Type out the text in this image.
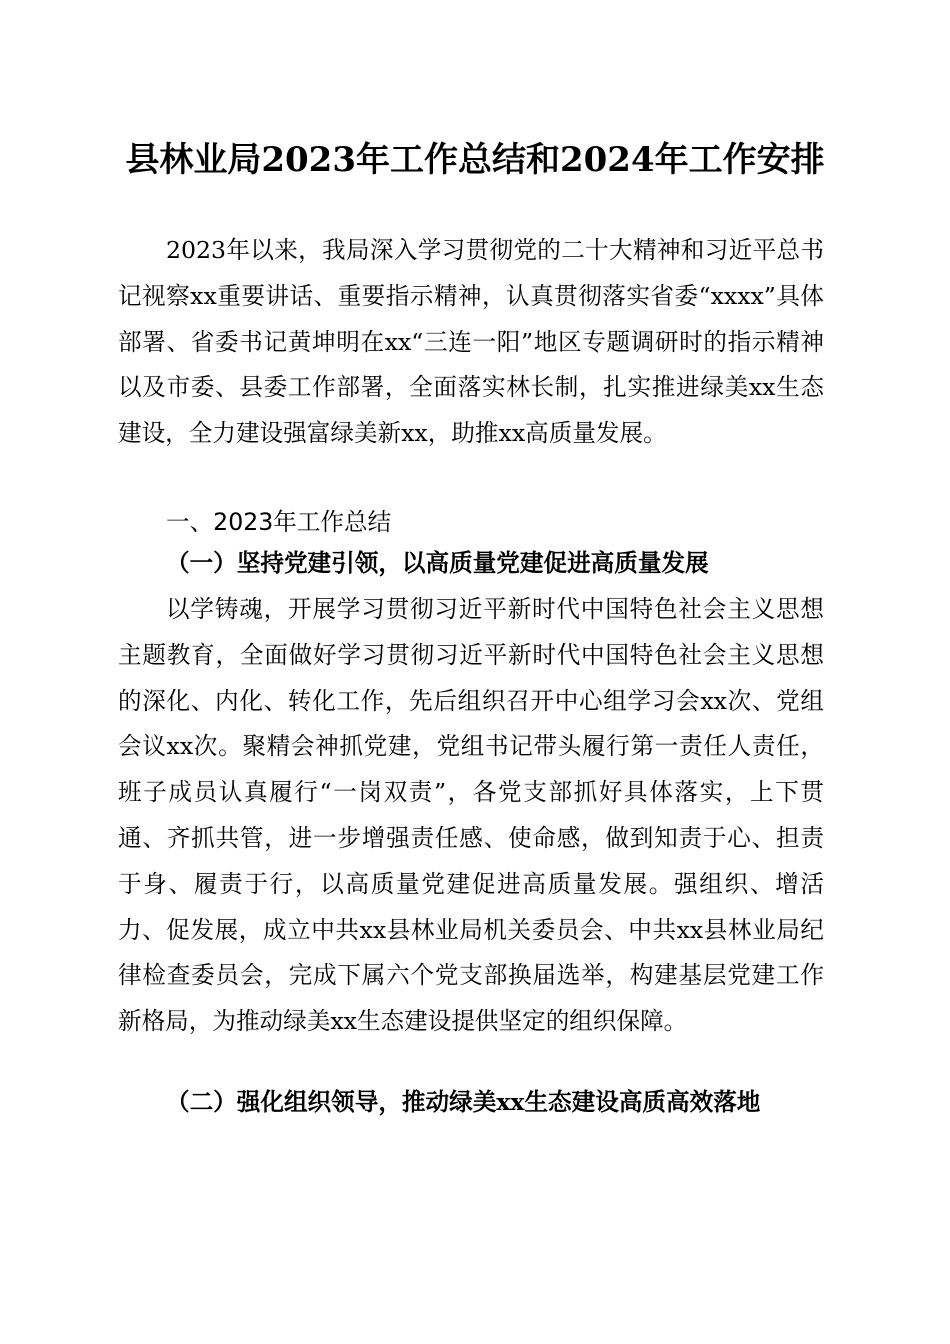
县林业局2023年工作总结和2024年工作安排

2023年以来，我局深入学习贯彻党的二十大精神和习近平总书记视察xx重要讲话、重要指示精神，认真贯彻落实省委“xxxx”具体部署、省委书记黄坤明在xx“三连一阳”地区专题调研时的指示精神以及市委、县委工作部署，全面落实林长制，扎实推进绿美xx生态建设，全力建设强富绿美新xx，助推xx高质量发展。

一、2023年工作总结
（一）坚持党建引领，以高质量党建促进高质量发展

以学铸魂，开展学习贯彻习近平新时代中国特色社会主义思想主题教育，全面做好学习贯彻习近平新时代中国特色社会主义思想的深化、内化、转化工作，先后组织召开中心组学习会xx次、党组会议xx次。聚精会神抓党建，党组书记带头履行第一责任人责任，班子成员认真履行“一岗双责”，各党支部抓好具体落实，上下贯通、齐抓共管，进一步增强责任感、使命感，做到知责于心、担责于身、履责于行，以高质量党建促进高质量发展。强组织、增活力、促发展，成立中共xx县林业局机关委员会、中共xx县林业局纪律检查委员会，完成下属六个党支部换届选举，构建基层党建工作新格局，为推动绿美xx生态建设提供坚定的组织保障。

（二）强化组织领导，推动绿美xx生态建设高质高效落地
